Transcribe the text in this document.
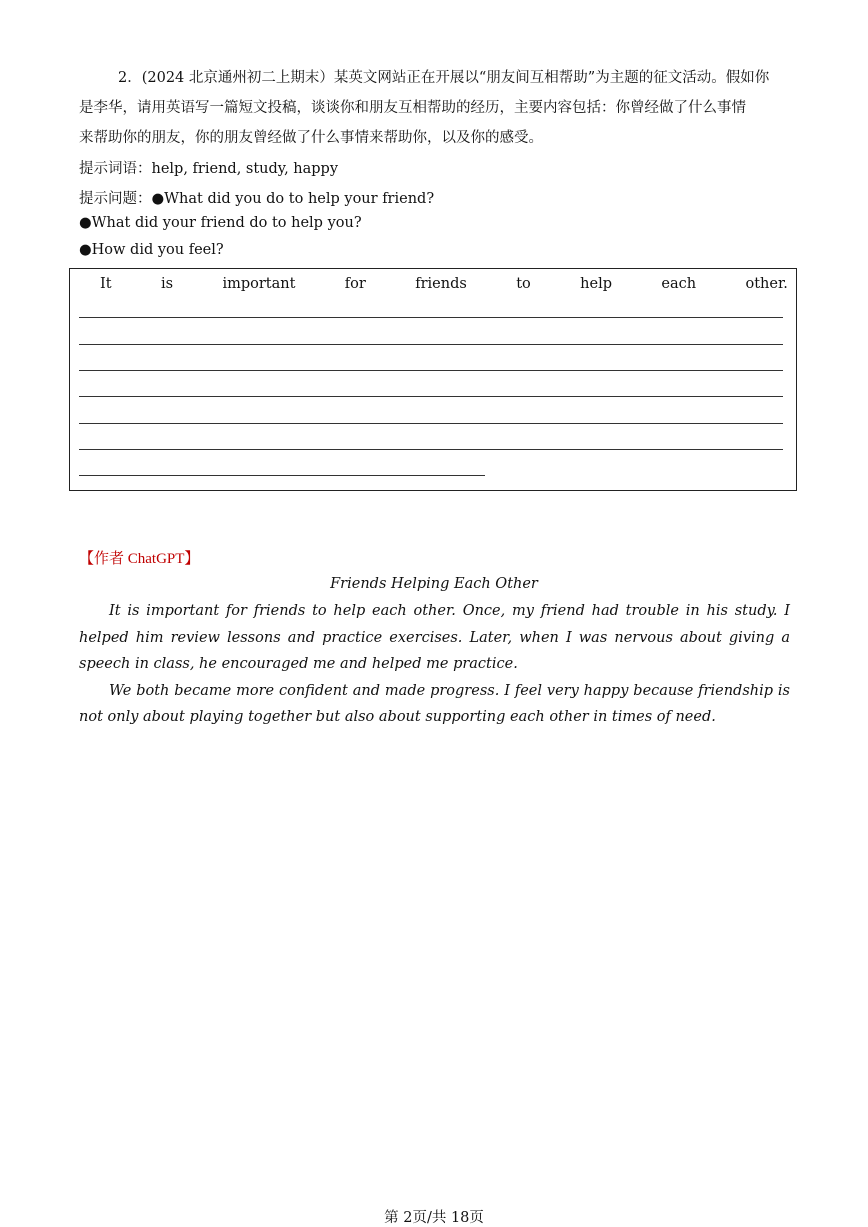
2．(2024 北京通州初二上期末）某英文网站正在开展以“朋友间互相帮助”为主题的征文活动。假如你
是李华，请用英语写一篇短文投稿，谈谈你和朋友互相帮助的经历，主要内容包括：你曾经做了什么事情
来帮助你的朋友，你的朋友曾经做了什么事情来帮助你，以及你的感受。
提示词语：help, friend, study, happy
提示问题：●What did you do to help your friend?
●What did your friend do to help you?
●How did you feel?
It	is	important	for	friends	to	help	each	other.
【作者 ChatGPT】
Friends Helping Each Other

It is important for friends to help each other. Once, my friend had trouble in his study. I helped him review lessons and practice exercises. Later, when I was nervous about giving a speech in class, he encouraged me and helped me practice.

We both became more confident and made progress. I feel very happy because friendship is not only about playing together but also about supporting each other in times of need.

第 2页/共 18页
